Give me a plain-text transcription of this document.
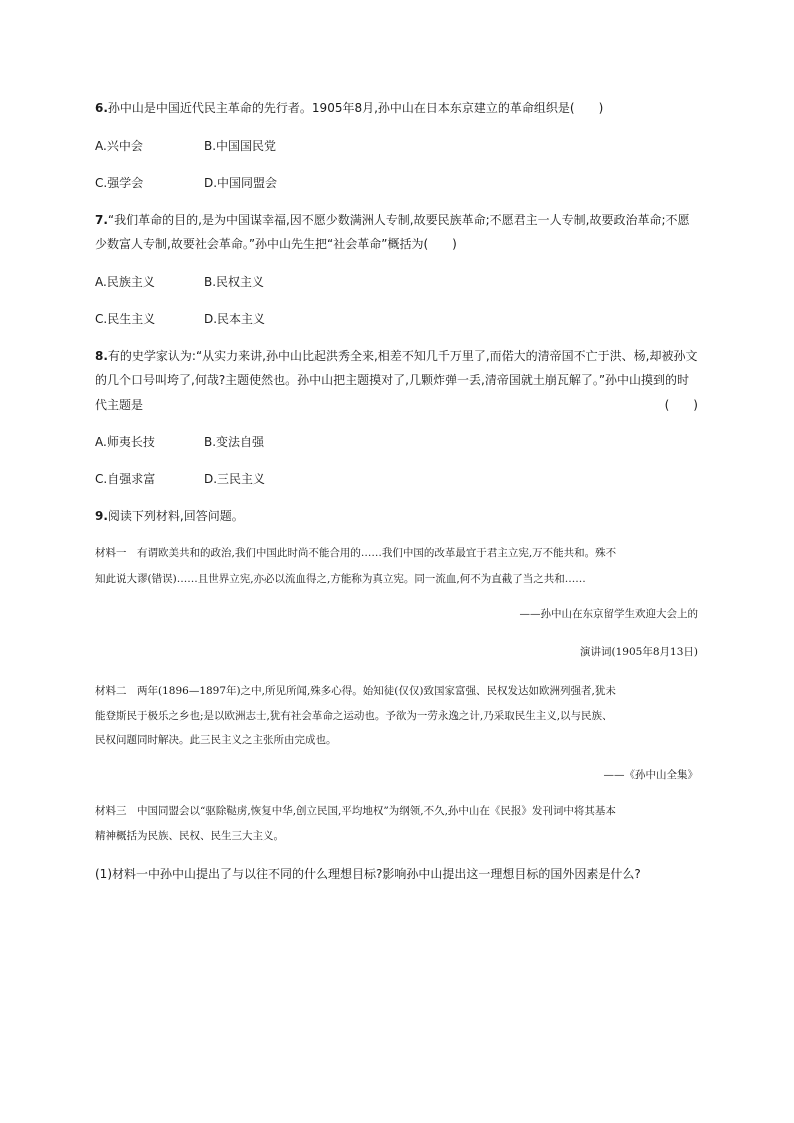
6.孙中山是中国近代民主革命的先行者。1905年8月,孙中山在日本东京建立的革命组织是(　　)
A.兴中会	B.中国国民党
C.强学会	D.中国同盟会
7.“我们革命的目的,是为中国谋幸福,因不愿少数满洲人专制,故要民族革命;不愿君主一人专制,故要政治革命;不愿
少数富人专制,故要社会革命。”孙中山先生把“社会革命”概括为(　　)
A.民族主义	B.民权主义
C.民生主义	D.民本主义
8.有的史学家认为:“从实力来讲,孙中山比起洪秀全来,相差不知几千万里了,而偌大的清帝国不亡于洪、杨,却被孙文
的几个口号叫垮了,何哉?主题使然也。孙中山把主题摸对了,几颗炸弹一丢,清帝国就土崩瓦解了。”孙中山摸到的时
代主题是	(　　)
A.师夷长技	B.变法自强
C.自强求富	D.三民主义
9.阅读下列材料,回答问题。
材料一　有谓欧美共和的政治,我们中国此时尚不能合用的……我们中国的改革最宜于君主立宪,万不能共和。殊不
知此说大谬(错误)……且世界立宪,亦必以流血得之,方能称为真立宪。同一流血,何不为直截了当之共和……
——孙中山在东京留学生欢迎大会上的
演讲词(1905年8月13日)
材料二　两年(1896—1897年)之中,所见所闻,殊多心得。始知徒(仅仅)致国家富强、民权发达如欧洲列强者,犹未
能登斯民于极乐之乡也;是以欧洲志士,犹有社会革命之运动也。予欲为一劳永逸之计,乃采取民生主义,以与民族、
民权问题同时解决。此三民主义之主张所由完成也。
——《孙中山全集》
材料三　中国同盟会以“驱除鞑虏,恢复中华,创立民国,平均地权”为纲领,不久,孙中山在《民报》发刊词中将其基本
精神概括为民族、民权、民生三大主义。
(1)材料一中孙中山提出了与以往不同的什么理想目标?影响孙中山提出这一理想目标的国外因素是什么?
